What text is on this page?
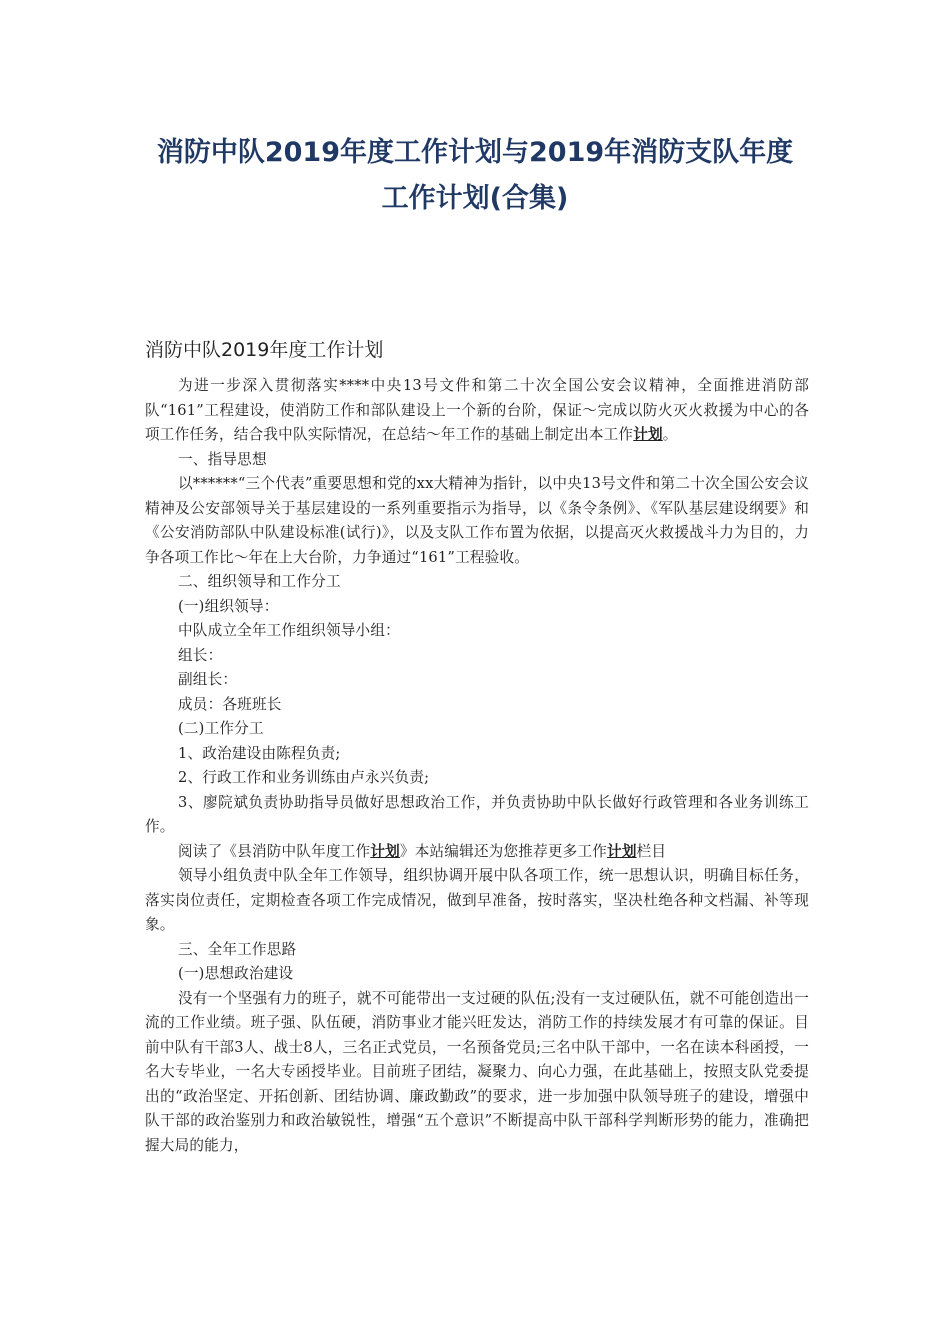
消防中队2019年度工作计划与2019年消防支队年度
工作计划(合集)
消防中队2019年度工作计划

为进一步深入贯彻落实****中央13号文件和第二十次全国公安会议精神，全面推进消防部队“161”工程建设，使消防工作和部队建设上一个新的台阶，保证～完成以防火灭火救援为中心的各项工作任务，结合我中队实际情况，在总结～年工作的基础上制定出本工作计划。

一、指导思想

以******“三个代表”重要思想和党的xx大精神为指针，以中央13号文件和第二十次全国公安会议精神及公安部领导关于基层建设的一系列重要指示为指导，以《条令条例》、《军队基层建设纲要》和《公安消防部队中队建设标准(试行)》，以及支队工作布置为依据，以提高灭火救援战斗力为目的，力争各项工作比～年在上大台阶，力争通过“161”工程验收。

二、组织领导和工作分工

(一)组织领导：

中队成立全年工作组织领导小组：

组长：

副组长：

成员：各班班长

(二)工作分工

1、政治建设由陈程负责;

2、行政工作和业务训练由卢永兴负责;

3、廖院斌负责协助指导员做好思想政治工作，并负责协助中队长做好行政管理和各业务训练工作。

阅读了《县消防中队年度工作计划》本站编辑还为您推荐更多工作计划栏目

领导小组负责中队全年工作领导，组织协调开展中队各项工作，统一思想认识，明确目标任务，落实岗位责任，定期检查各项工作完成情况，做到早准备，按时落实，坚决杜绝各种文档漏、补等现象。

三、全年工作思路

(一)思想政治建设

没有一个坚强有力的班子，就不可能带出一支过硬的队伍;没有一支过硬队伍，就不可能创造出一流的工作业绩。班子强、队伍硬，消防事业才能兴旺发达，消防工作的持续发展才有可靠的保证。目前中队有干部3人、战士8人，三名正式党员，一名预备党员;三名中队干部中，一名在读本科函授，一名大专毕业，一名大专函授毕业。目前班子团结，凝聚力、向心力强，在此基础上，按照支队党委提出的“政治坚定、开拓创新、团结协调、廉政勤政”的要求，进一步加强中队领导班子的建设，增强中队干部的政治鉴别力和政治敏锐性，增强“五个意识”不断提高中队干部科学判断形势的能力，准确把握大局的能力，
